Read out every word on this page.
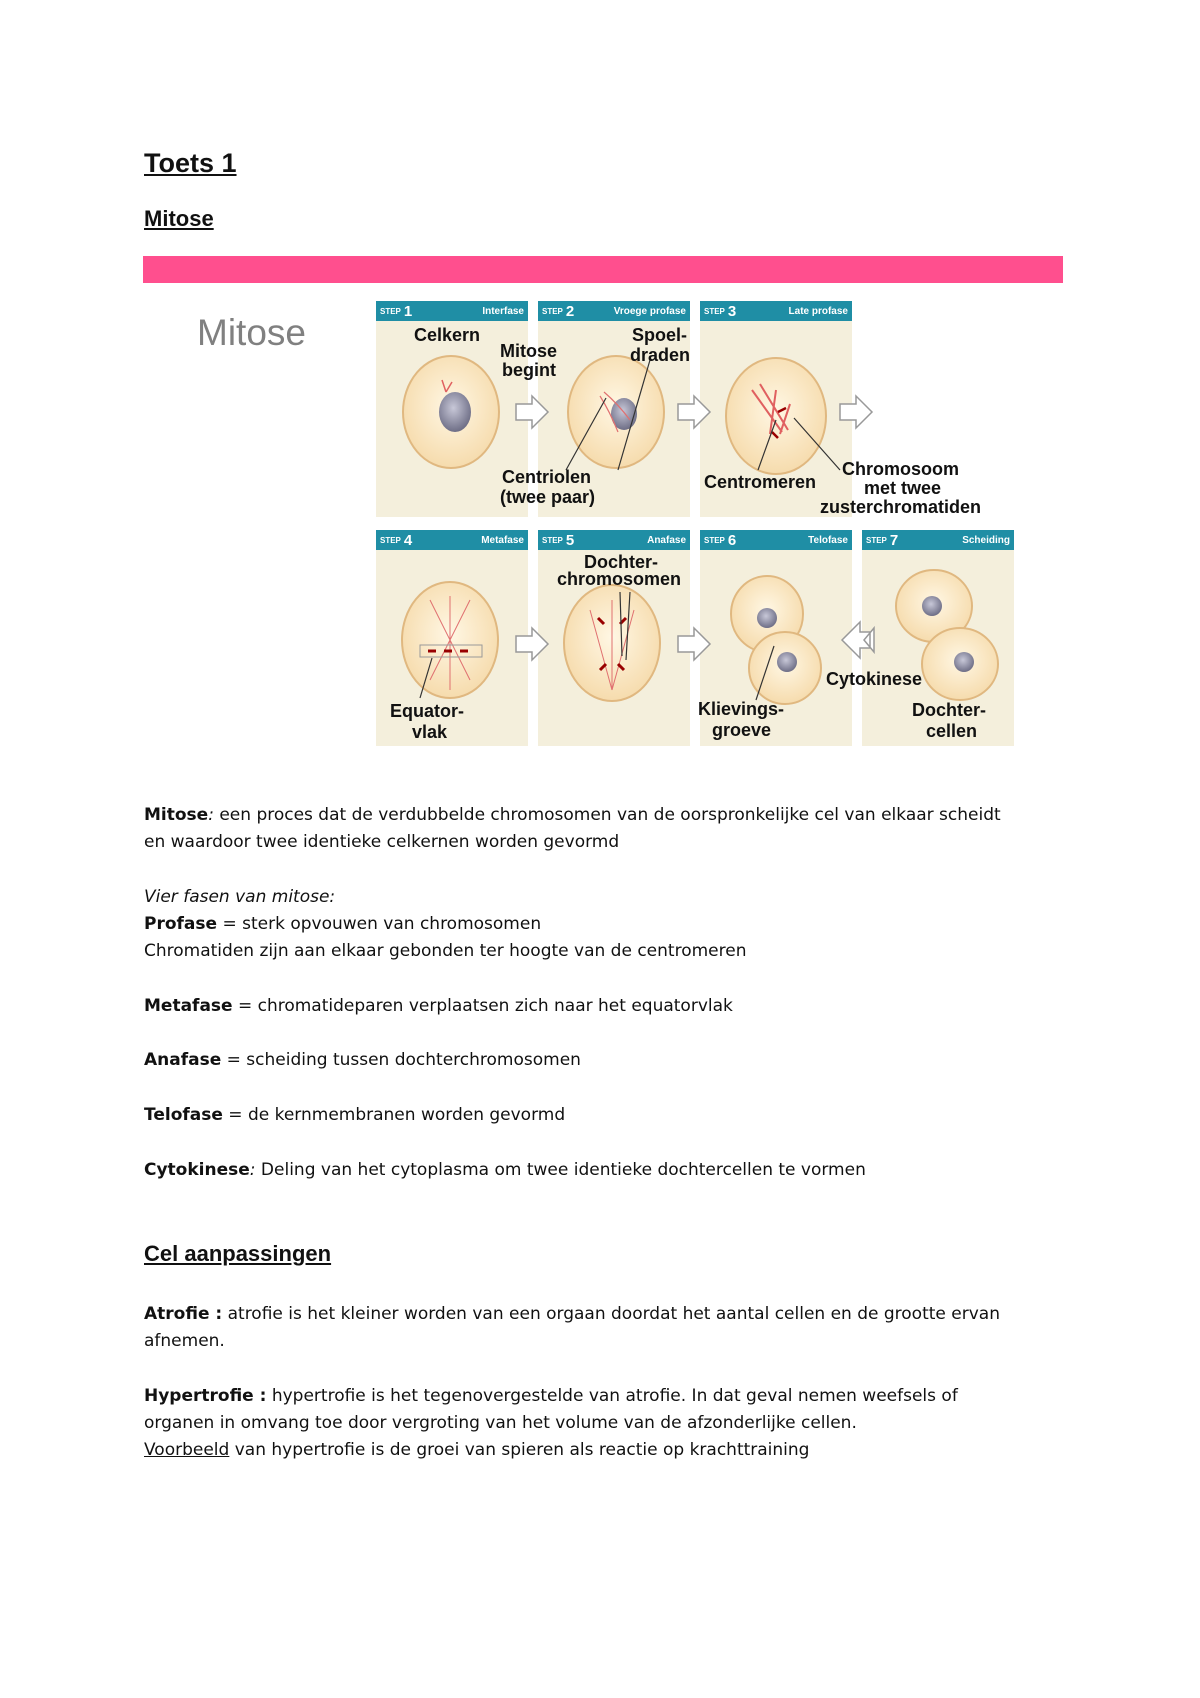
Toets 1
Mitose
Mitose
STEP 1	Interfase STEP 2	Vroege profase STEP 3	Late profase
STEP 4	Metafase STEP 5	Anafase STEP 6	Telofase STEP 7	Scheiding
Celkern
Mitose
begint
Spoel-
draden
Centriolen
(twee paar)
Centromeren
Chromosoom
met twee
zusterchromatiden
Dochter-
chromosomen
Equator-
vlak
Klievings-
groeve
Cytokinese
Dochter-
cellen
Mitose: een proces dat de verdubbelde chromosomen van de oorspronkelijke cel van elkaar scheidt
en waardoor twee identieke celkernen worden gevormd
Vier fasen van mitose:
Profase = sterk opvouwen van chromosomen
Chromatiden zijn aan elkaar gebonden ter hoogte van de centromeren
Metafase = chromatideparen verplaatsen zich naar het equatorvlak
Anafase = scheiding tussen dochterchromosomen
Telofase = de kernmembranen worden gevormd
Cytokinese: Deling van het cytoplasma om twee identieke dochtercellen te vormen
Cel aanpassingen
Atrofie : atrofie is het kleiner worden van een orgaan doordat het aantal cellen en de grootte ervan
afnemen.
Hypertrofie : hypertrofie is het tegenovergestelde van atrofie. In dat geval nemen weefsels of
organen in omvang toe door vergroting van het volume van de afzonderlijke cellen.
Voorbeeld van hypertrofie is de groei van spieren als reactie op krachttraining
